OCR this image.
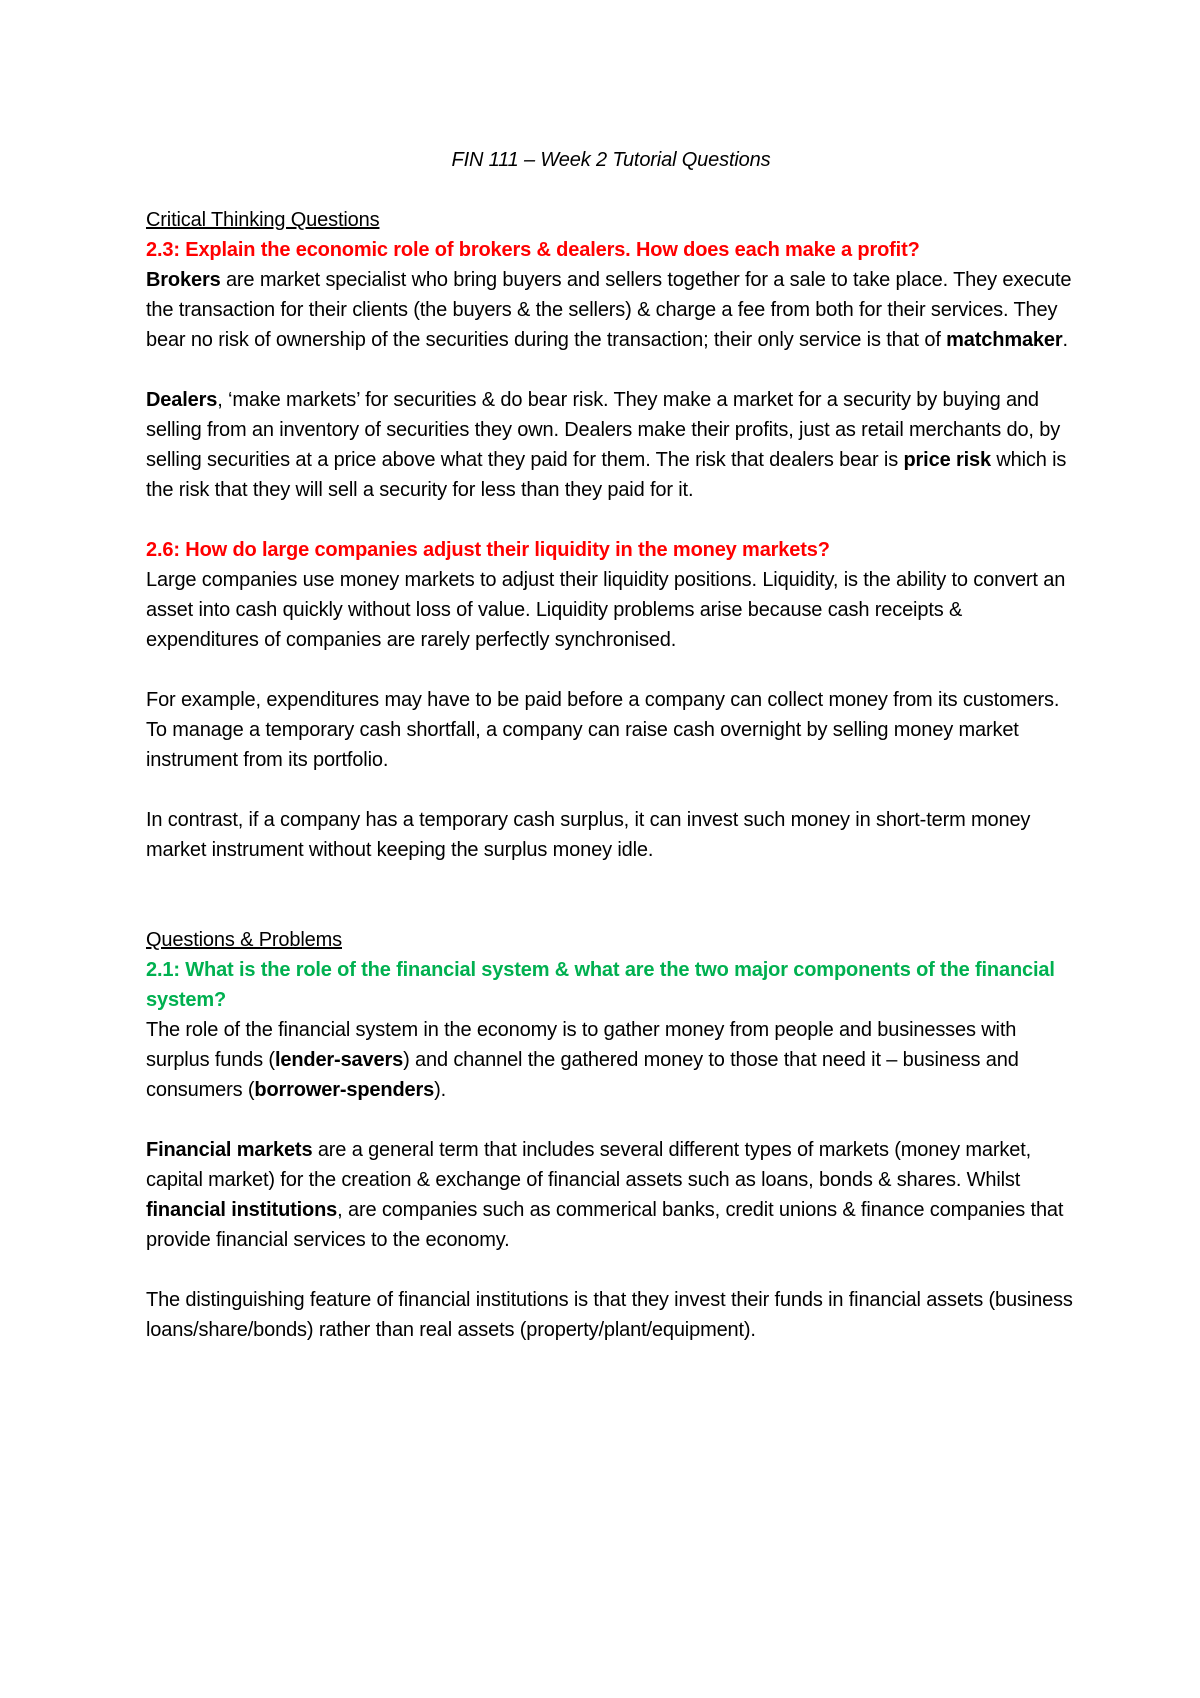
FIN 111 – Week 2 Tutorial Questions
Critical Thinking Questions

2.3: Explain the economic role of brokers & dealers. How does each make a profit?

Brokers are market specialist who bring buyers and sellers together for a sale to take place. They execute the transaction for their clients (the buyers & the sellers) & charge a fee from both for their services. They bear no risk of ownership of the securities during the transaction; their only service is that of matchmaker.

Dealers, ‘make markets’ for securities & do bear risk. They make a market for a security by buying and selling from an inventory of securities they own. Dealers make their profits, just as retail merchants do, by selling securities at a price above what they paid for them. The risk that dealers bear is price risk which is the risk that they will sell a security for less than they paid for it.

2.6: How do large companies adjust their liquidity in the money markets?

Large companies use money markets to adjust their liquidity positions. Liquidity, is the ability to convert an asset into cash quickly without loss of value. Liquidity problems arise because cash receipts & expenditures of companies are rarely perfectly synchronised.

For example, expenditures may have to be paid before a company can collect money from its customers. To manage a temporary cash shortfall, a company can raise cash overnight by selling money market instrument from its portfolio.

In contrast, if a company has a temporary cash surplus, it can invest such money in short-term money market instrument without keeping the surplus money idle.

Questions & Problems

2.1: What is the role of the financial system & what are the two major components of the financial system?

The role of the financial system in the economy is to gather money from people and businesses with surplus funds (lender-savers) and channel the gathered money to those that need it – business and consumers (borrower-spenders).

Financial markets are a general term that includes several different types of markets (money market, capital market) for the creation & exchange of financial assets such as loans, bonds & shares. Whilst financial institutions, are companies such as commerical banks, credit unions & finance companies that provide financial services to the economy.

The distinguishing feature of financial institutions is that they invest their funds in financial assets (business loans/share/bonds) rather than real assets (property/plant/equipment).
